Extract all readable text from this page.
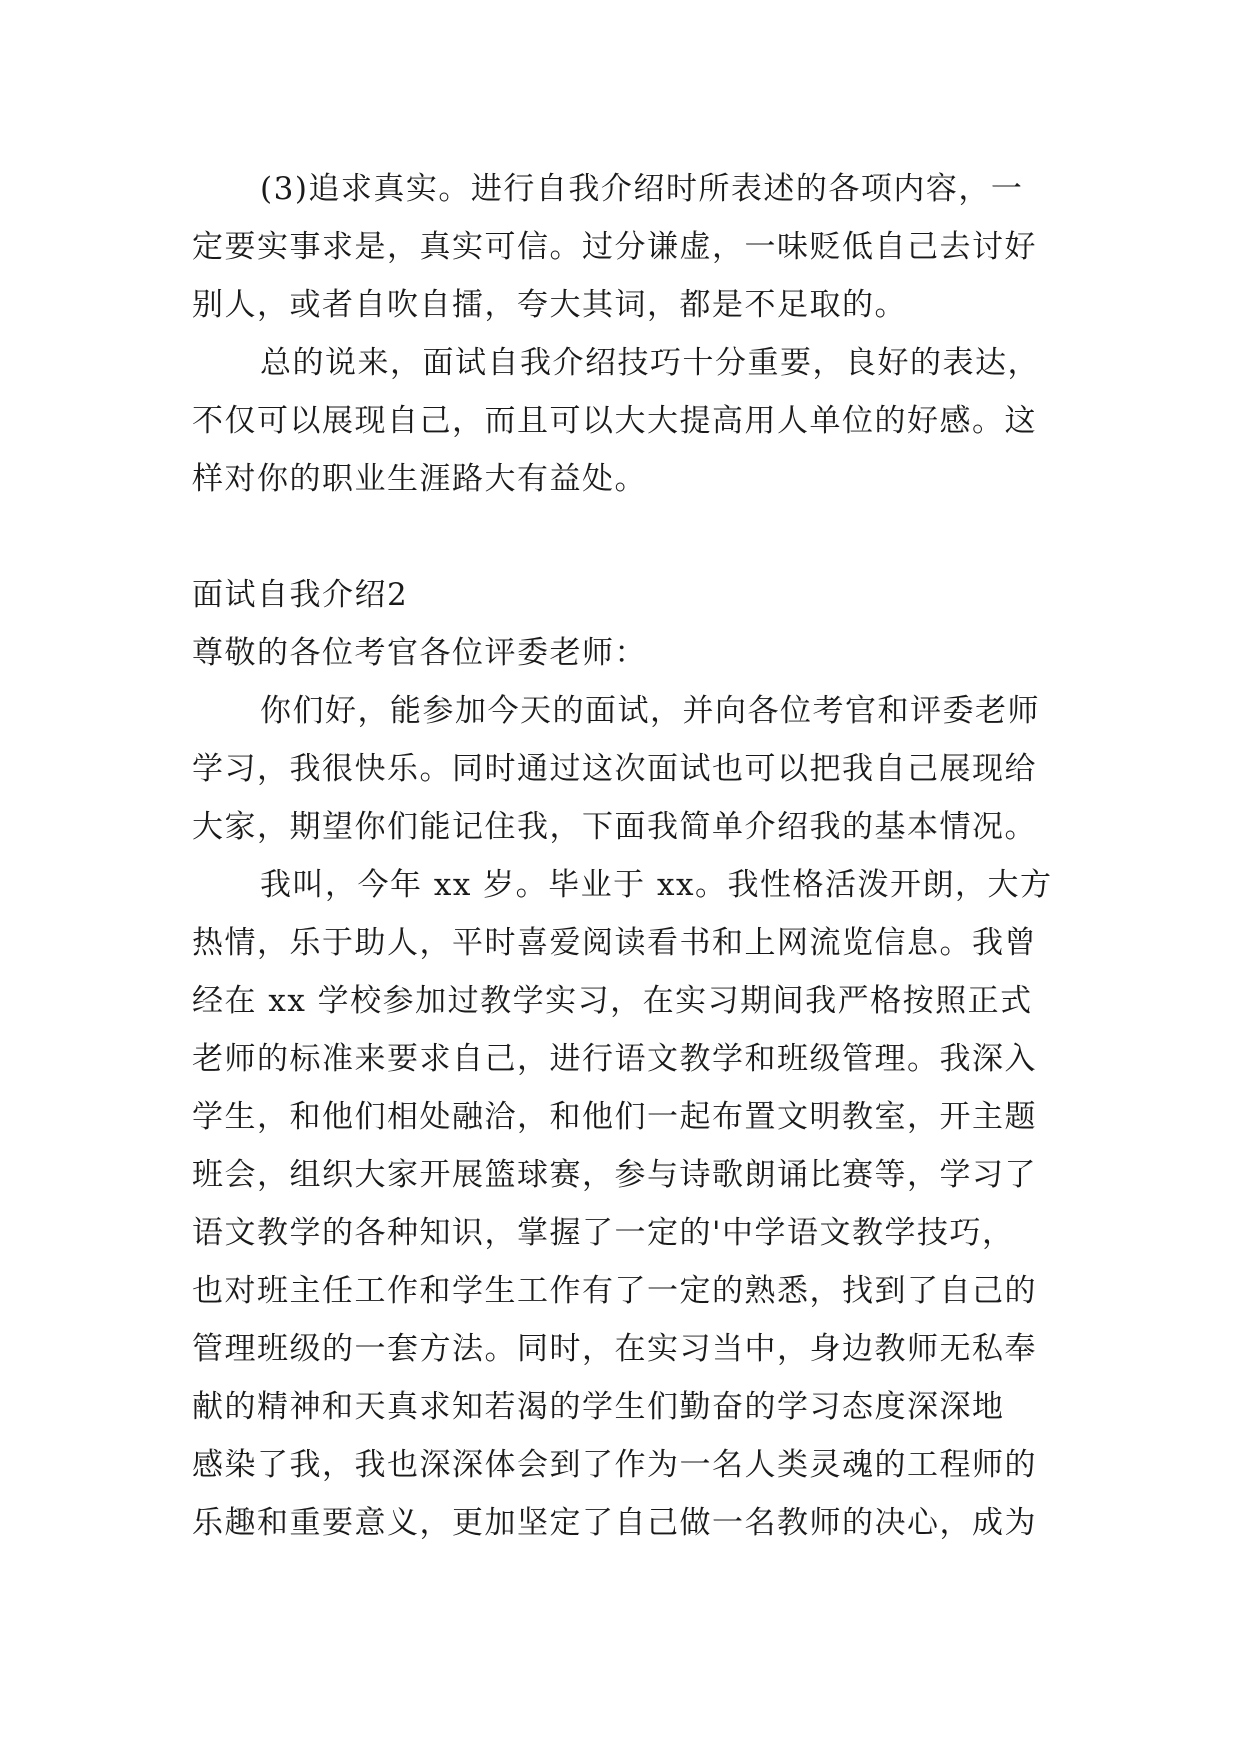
(3)追求真实。进行自我介绍时所表述的各项内容，一
定要实事求是，真实可信。过分谦虚，一味贬低自己去讨好
别人，或者自吹自擂，夸大其词，都是不足取的。

总的说来，面试自我介绍技巧十分重要，良好的表达，
不仅可以展现自己，而且可以大大提高用人单位的好感。这
样对你的职业生涯路大有益处。

面试自我介绍2

尊敬的各位考官各位评委老师：

你们好，能参加今天的面试，并向各位考官和评委老师
学习，我很快乐。同时通过这次面试也可以把我自己展现给
大家，期望你们能记住我，下面我简单介绍我的基本情况。

我叫，今年 xx 岁。毕业于 xx。我性格活泼开朗，大方
热情，乐于助人，平时喜爱阅读看书和上网流览信息。我曾
经在 xx 学校参加过教学实习，在实习期间我严格按照正式
老师的标准来要求自己，进行语文教学和班级管理。我深入
学生，和他们相处融洽，和他们一起布置文明教室，开主题
班会，组织大家开展篮球赛，参与诗歌朗诵比赛等，学习了
语文教学的各种知识，掌握了一定的'中学语文教学技巧，
也对班主任工作和学生工作有了一定的熟悉，找到了自己的
管理班级的一套方法。同时，在实习当中，身边教师无私奉
献的精神和天真求知若渴的学生们勤奋的学习态度深深地
感染了我，我也深深体会到了作为一名人类灵魂的工程师的
乐趣和重要意义，更加坚定了自己做一名教师的决心，成为
